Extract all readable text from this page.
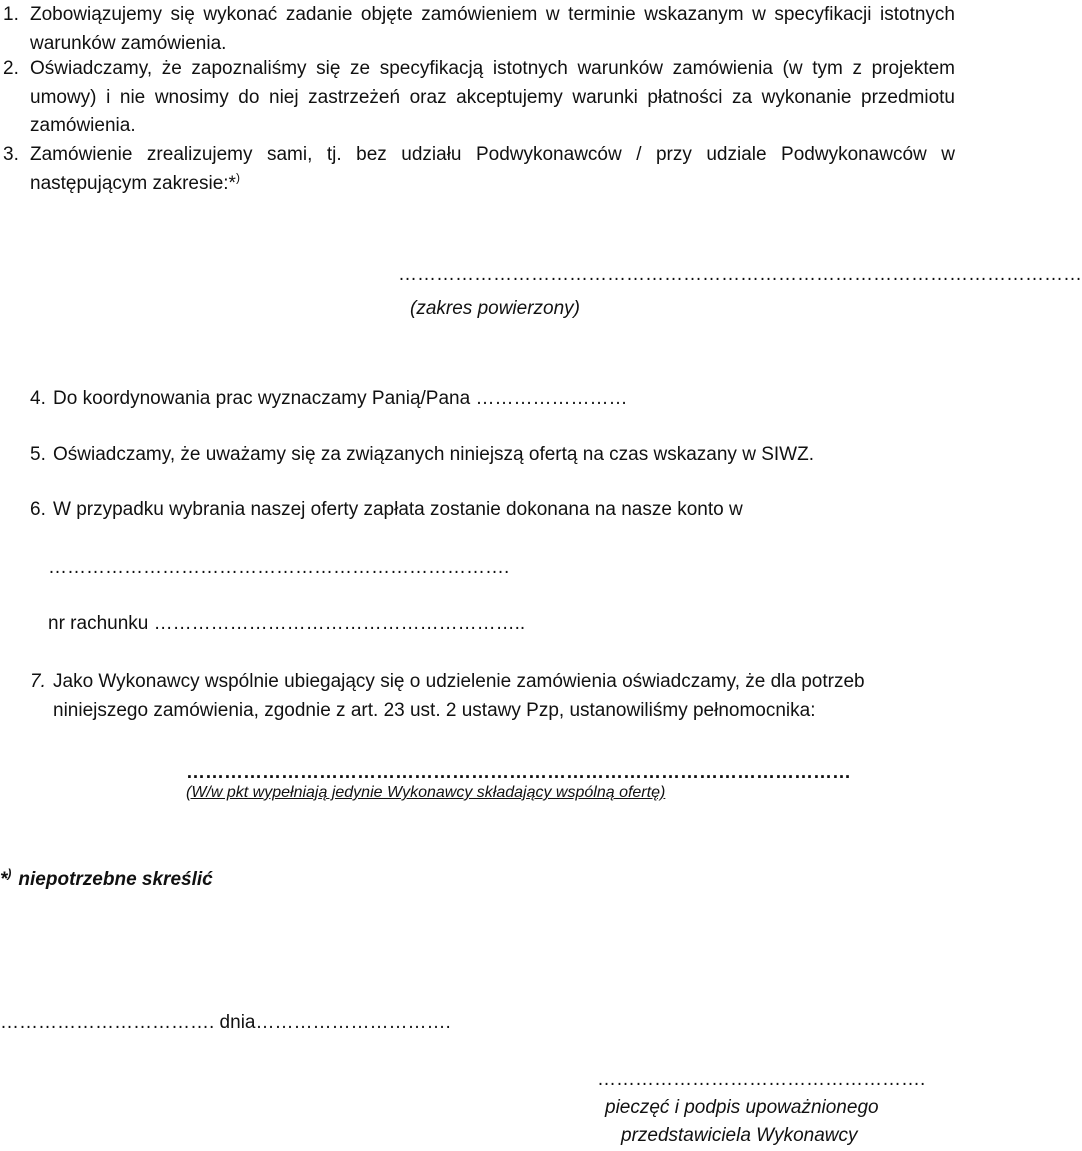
1. Zobowiązujemy się wykonać zadanie objęte zamówieniem w terminie wskazanym w specyfikacji istotnych warunków zamówienia.
2. Oświadczamy, że zapoznaliśmy się ze specyfikacją istotnych warunków zamówienia (w tym z projektem umowy) i nie wnosimy do niej zastrzeżeń oraz akceptujemy warunki płatności za wykonanie przedmiotu zamówienia.
3. Zamówienie zrealizujemy sami, tj. bez udziału Podwykonawców / przy udziale Podwykonawców w następującym zakresie:*)
………………………………………………………………………………………………
(zakres powierzony)
4. Do koordynowania prac wyznaczamy Panią/Pana ……………………
5. Oświadczamy, że uważamy się za związanych niniejszą ofertą na czas wskazany w SIWZ.
6. W przypadku wybrania naszej oferty zapłata zostanie dokonana na nasze konto w
……………………………………………………………….
nr rachunku …………………………………………………..
7. Jako Wykonawcy wspólnie ubiegający się o udzielenie zamówienia oświadczamy, że dla potrzeb
niniejszego zamówienia, zgodnie z art. 23 ust. 2 ustawy Pzp, ustanowiliśmy pełnomocnika:
……………………………………………………………………………………………
(W/w pkt wypełniają jedynie Wykonawcy składający wspólną ofertę)
*) niepotrzebne skreślić
……………………………. dnia………………………….
…………………………………………….
pieczęć i podpis upoważnionego
przedstawiciela Wykonawcy
